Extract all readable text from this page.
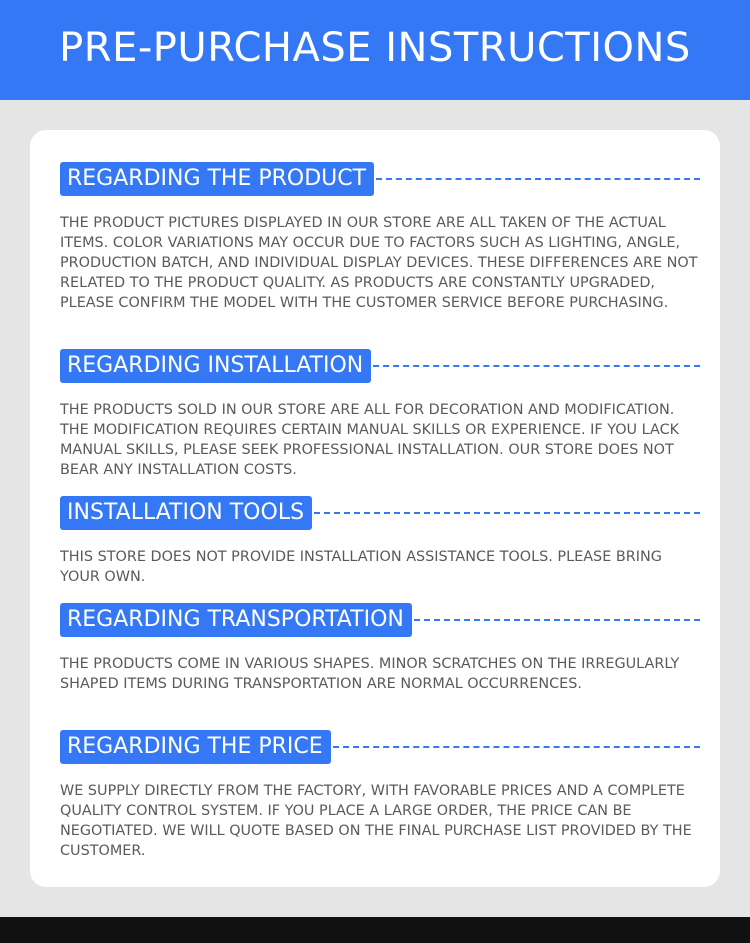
PRE-PURCHASE INSTRUCTIONS
REGARDING THE PRODUCT
THE PRODUCT PICTURES DISPLAYED IN OUR STORE ARE ALL TAKEN OF THE ACTUAL ITEMS. COLOR VARIATIONS MAY OCCUR DUE TO FACTORS SUCH AS LIGHTING, ANGLE, PRODUCTION BATCH, AND INDIVIDUAL DISPLAY DEVICES. THESE DIFFERENCES ARE NOT RELATED TO THE PRODUCT QUALITY. AS PRODUCTS ARE CONSTANTLY UPGRADED, PLEASE CONFIRM THE MODEL WITH THE CUSTOMER SERVICE BEFORE PURCHASING.
REGARDING INSTALLATION
THE PRODUCTS SOLD IN OUR STORE ARE ALL FOR DECORATION AND MODIFICATION. THE MODIFICATION REQUIRES CERTAIN MANUAL SKILLS OR EXPERIENCE. IF YOU LACK MANUAL SKILLS, PLEASE SEEK PROFESSIONAL INSTALLATION. OUR STORE DOES NOT BEAR ANY INSTALLATION COSTS.
INSTALLATION TOOLS
THIS STORE DOES NOT PROVIDE INSTALLATION ASSISTANCE TOOLS. PLEASE BRING YOUR OWN.
REGARDING TRANSPORTATION
THE PRODUCTS COME IN VARIOUS SHAPES. MINOR SCRATCHES ON THE IRREGULARLY SHAPED ITEMS DURING TRANSPORTATION ARE NORMAL OCCURRENCES.
REGARDING THE PRICE
WE SUPPLY DIRECTLY FROM THE FACTORY, WITH FAVORABLE PRICES AND A COMPLETE QUALITY CONTROL SYSTEM. IF YOU PLACE A LARGE ORDER, THE PRICE CAN BE NEGOTIATED. WE WILL QUOTE BASED ON THE FINAL PURCHASE LIST PROVIDED BY THE CUSTOMER.
